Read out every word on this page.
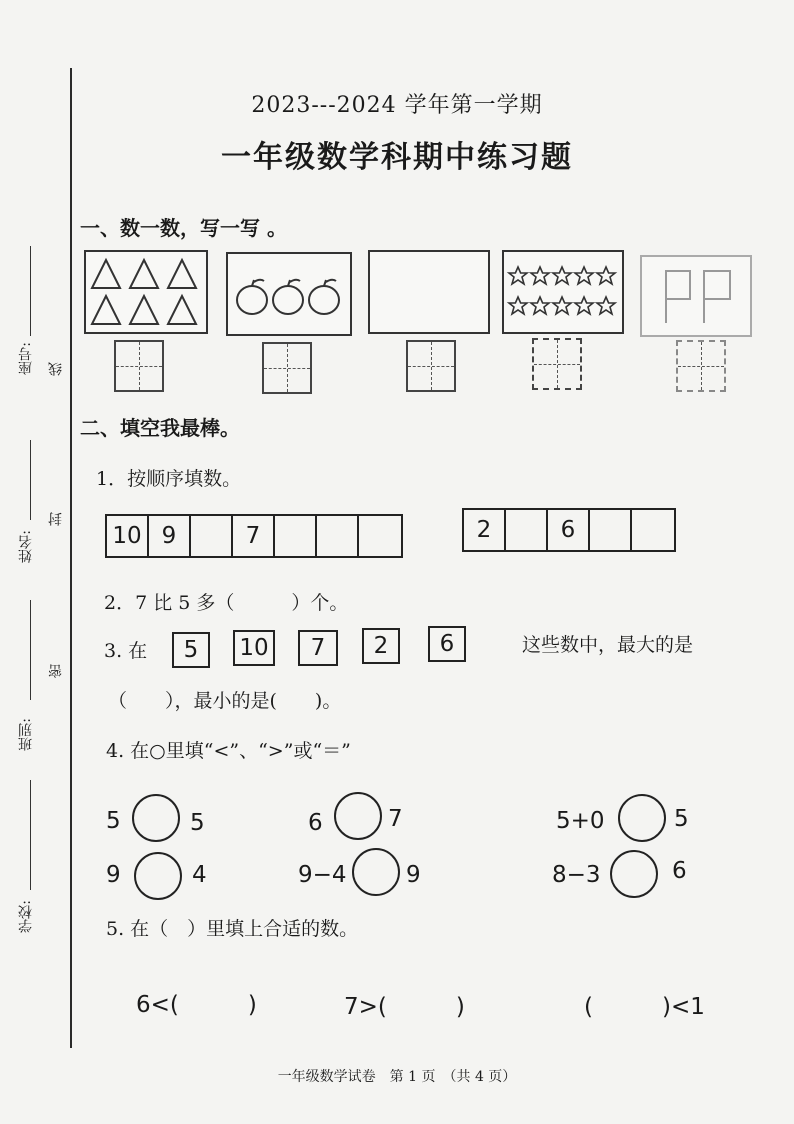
座号: 线
姓名:
封
密
班别:
学校:
2023---2024 学年第一学期
一年级数学科期中练习题
一、数一数，写一写 。
二、填空我最棒。
1．按顺序填数。
10 9	7	2	6
2．7 比 5 多（　　　）个。
3. 在	5	10	7	2	6	这些数中，最大的是
（　　），最小的是(　　)。
4. 在○里填“<”、“>”或“＝”
5	5	6	7	5+0	5
9	4	9−4	9	8−3	6
5. 在（　）里填上合适的数。
6<(　　　)	7>(　　　)	(　　　)<1
一年级数学试卷　第 1 页　（共 4 页）
